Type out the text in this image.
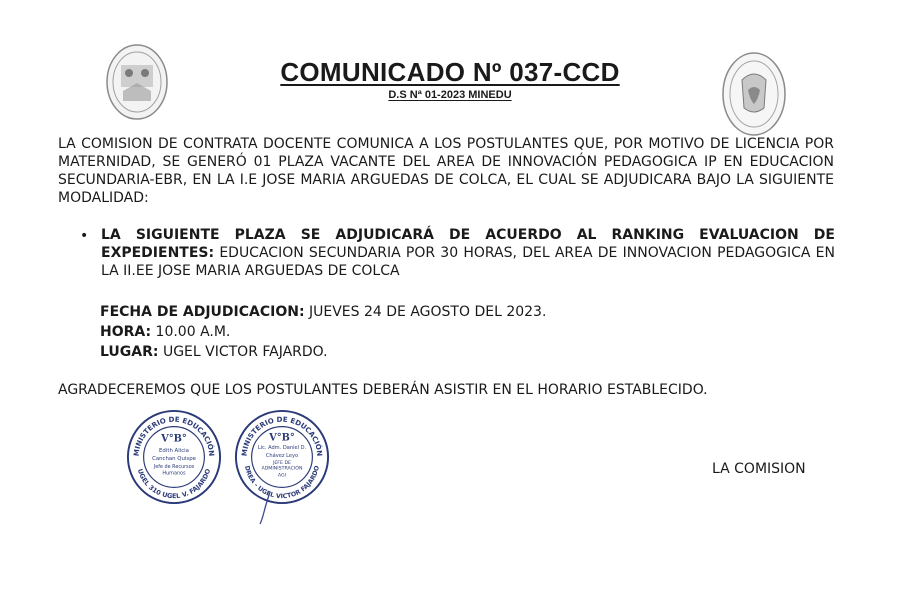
COMUNICADO Nº 037-CCD
D.S Nª 01-2023 MINEDU
LA COMISION DE CONTRATA DOCENTE COMUNICA A LOS POSTULANTES QUE, POR MOTIVO DE LICENCIA POR MATERNIDAD, SE GENERÓ 01 PLAZA VACANTE DEL AREA DE INNOVACIÓN PEDAGOGICA IP EN EDUCACION SECUNDARIA-EBR, EN LA I.E JOSE MARIA ARGUEDAS DE COLCA, EL CUAL SE ADJUDICARA BAJO LA SIGUIENTE MODALIDAD:
• LA SIGUIENTE PLAZA SE ADJUDICARÁ DE ACUERDO AL RANKING EVALUACION DE EXPEDIENTES: EDUCACION SECUNDARIA POR 30 HORAS, DEL AREA DE INNOVACION PEDAGOGICA EN LA II.EE JOSE MARIA ARGUEDAS DE COLCA
FECHA DE ADJUDICACION: JUEVES 24 DE AGOSTO DEL 2023.
HORA: 10.00 A.M.
LUGAR: UGEL VICTOR FAJARDO.
AGRADECEREMOS QUE LOS POSTULANTES DEBERÁN ASISTIR EN EL HORARIO ESTABLECIDO.
MINISTERIO DE EDUCACIÓN
UGEL 310 UGEL V. FAJARDO
V°B°
Edith Alicia
Canchan Quispe
Jefe de Recursos
Humanos
MINISTERIO DE EDUCACIÓN
DREA - UGEL VICTOR FAJARDO
V°B°
Lic. Adm. Daniel D.
Chávez Leyo
JEFE DE
ADMINISTRACIÓN
AGI	LA COMISION
